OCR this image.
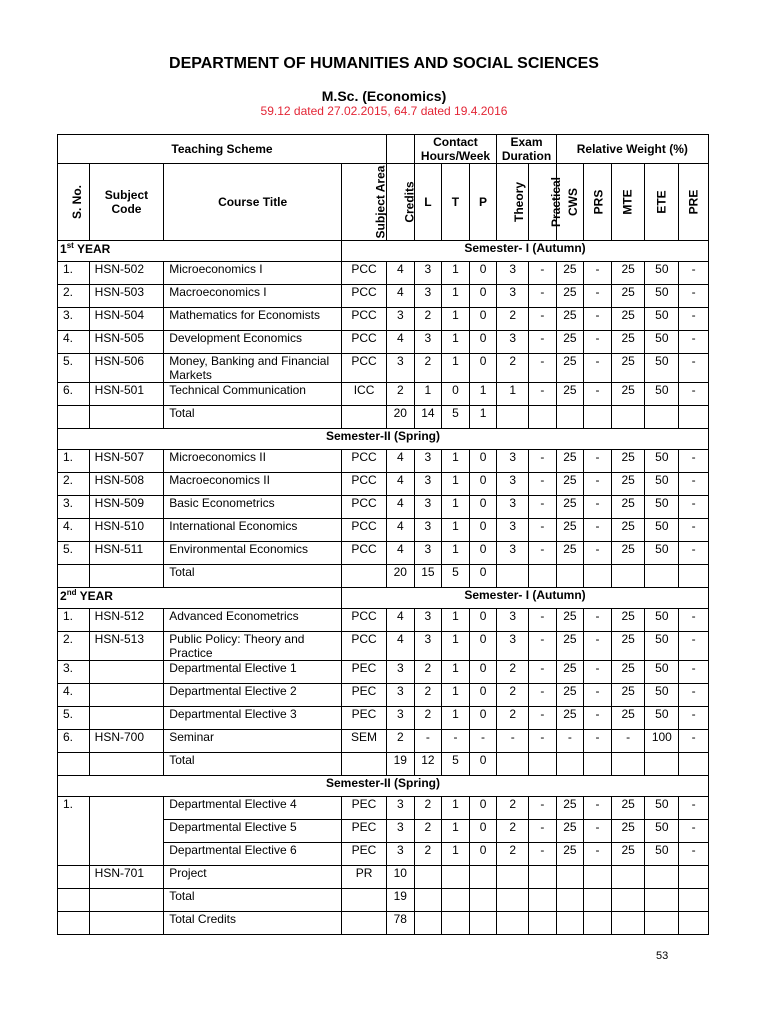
DEPARTMENT OF HUMANITIES AND SOCIAL SCIENCES
M.Sc. (Economics)
59.12 dated 27.02.2015, 64.7 dated 19.4.2016
Teaching Scheme					Contact Hours/Week			Exam Duration		Relative Weight (%)				
S. No.	Subject Code	Course Title	Subject Area	Credits	L	T	P	Theory	Practical	CWS	PRS	MTE	ETE	PRE
1st YEAR			Semester- I (Autumn)											
1.	HSN-502	Microeconomics I	PCC	4	3	1	0	3	-	25	-	25	50	-
2.	HSN-503	Macroeconomics I	PCC	4	3	1	0	3	-	25	-	25	50	-
3.	HSN-504	Mathematics for Economists	PCC	3	2	1	0	2	-	25	-	25	50	-
4.	HSN-505	Development Economics	PCC	4	3	1	0	3	-	25	-	25	50	-
5.	HSN-506	Money, Banking and Financial Markets	PCC	3	2	1	0	2	-	25	-	25	50	-
6.	HSN-501	Technical Communication	ICC	2	1	0	1	1	-	25	-	25	50	-
		Total		20	14	5	1							
Semester-II (Spring)														
1.	HSN-507	Microeconomics II	PCC	4	3	1	0	3	-	25	-	25	50	-
2.	HSN-508	Macroeconomics II	PCC	4	3	1	0	3	-	25	-	25	50	-
3.	HSN-509	Basic Econometrics	PCC	4	3	1	0	3	-	25	-	25	50	-
4.	HSN-510	International Economics	PCC	4	3	1	0	3	-	25	-	25	50	-
5.	HSN-511	Environmental Economics	PCC	4	3	1	0	3	-	25	-	25	50	-
		Total		20	15	5	0							
2nd YEAR			Semester- I (Autumn)											
1.	HSN-512	Advanced Econometrics	PCC	4	3	1	0	3	-	25	-	25	50	-
2.	HSN-513	Public Policy: Theory and Practice	PCC	4	3	1	0	3	-	25	-	25	50	-
3.		Departmental Elective 1	PEC	3	2	1	0	2	-	25	-	25	50	-
4.		Departmental Elective 2	PEC	3	2	1	0	2	-	25	-	25	50	-
5.		Departmental Elective 3	PEC	3	2	1	0	2	-	25	-	25	50	-
6.	HSN-700	Seminar	SEM	2	-	-	-	-	-	-	-	-	100	-
		Total		19	12	5	0							
Semester-II (Spring)														
1.		Departmental Elective 4	PEC	3	2	1	0	2	-	25	-	25	50	-
		Departmental Elective 5	PEC	3	2	1	0	2	-	25	-	25	50	-
		Departmental Elective 6	PEC	3	2	1	0	2	-	25	-	25	50	-
	HSN-701	Project	PR	10										
		Total		19										
		Total Credits		78										
53
